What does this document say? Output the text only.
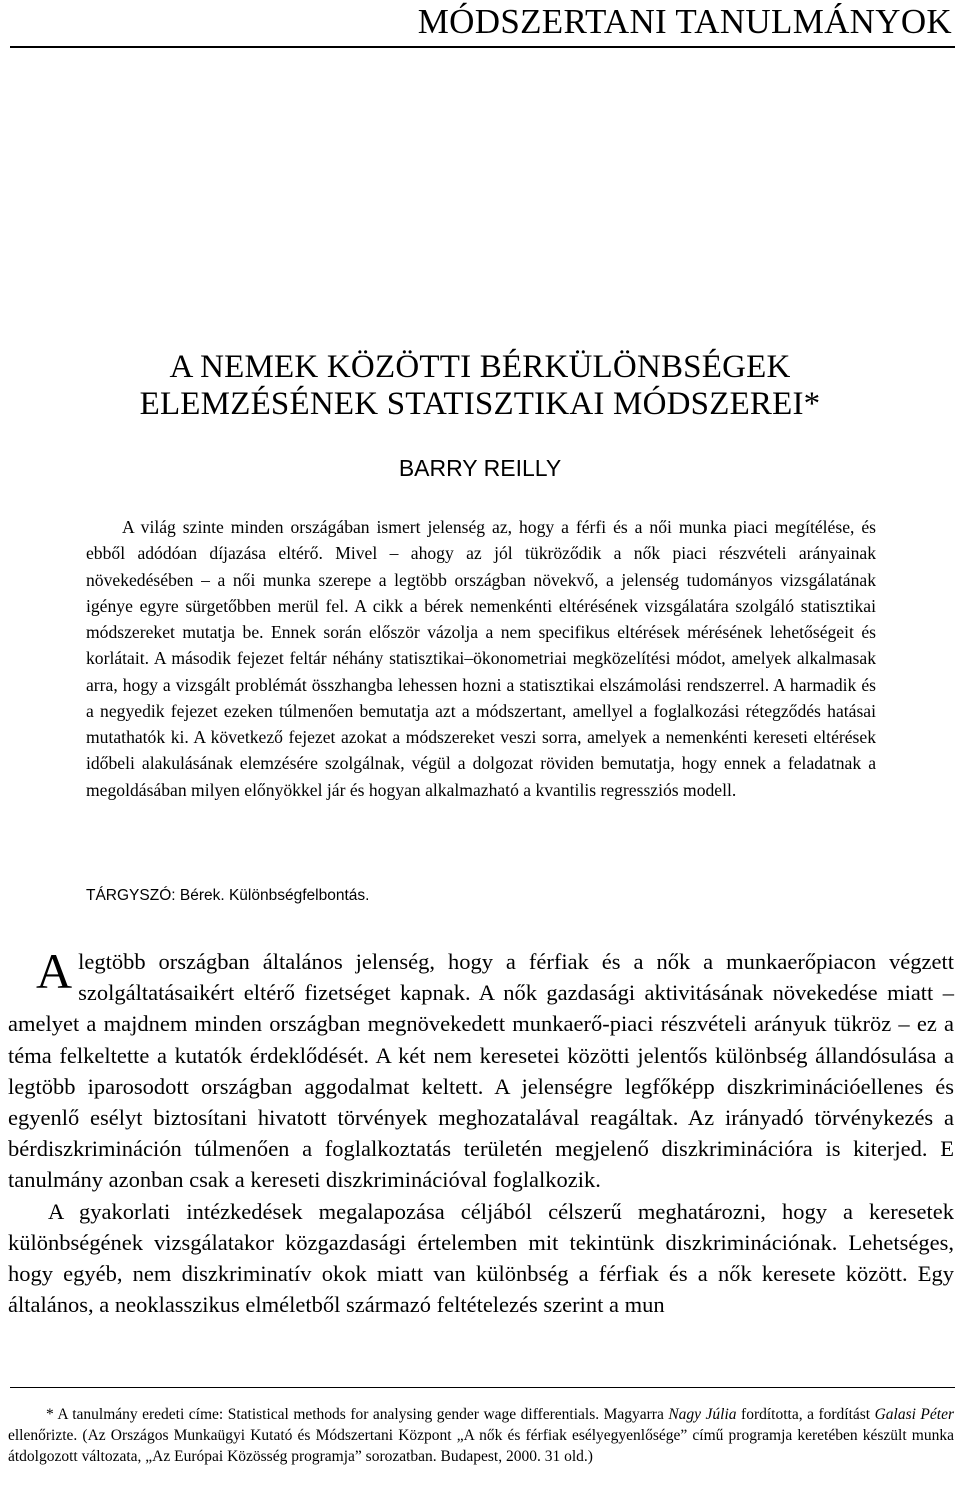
MÓDSZERTANI TANULMÁNYOK
A NEMEK KÖZÖTTI BÉRKÜLÖNBSÉGEK
ELEMZÉSÉNEK STATISZTIKAI MÓDSZEREI*
BARRY REILLY
A világ szinte minden országában ismert jelenség az, hogy a férfi és a női munka piaci megítélése, és ebből adódóan díjazása eltérő. Mivel – ahogy az jól tükröződik a nők piaci részvételi arányainak növekedésében – a női munka szerepe a legtöbb országban növekvő, a jelenség tudományos vizsgálatának igénye egyre sürgetőbben merül fel. A cikk a bérek nemenkénti eltérésének vizsgálatára szolgáló statisztikai módszereket mutatja be. Ennek során először vázolja a nem specifikus eltérések mérésének lehetőségeit és korlátait. A második fejezet feltár néhány statisztikai–ökonometriai megközelítési módot, amelyek alkalmasak arra, hogy a vizsgált problémát összhangba lehessen hozni a statisztikai elszámolási rendszerrel. A harmadik és a negyedik fejezet ezeken túlmenően bemutatja azt a módszertant, amellyel a foglalkozási rétegződés hatásai mutathatók ki. A következő fejezet azokat a módszereket veszi sorra, amelyek a nemenkénti kereseti eltérések időbeli alakulásának elemzésére szolgálnak, végül a dolgozat röviden bemutatja, hogy ennek a feladatnak a megoldásában milyen előnyökkel jár és hogyan alkalmazható a kvantilis regressziós modell.
TÁRGYSZÓ: Bérek. Különbségfelbontás.

A legtöbb országban általános jelenség, hogy a férfiak és a nők a munkaerőpiacon végzett szolgáltatásaikért eltérő fizetséget kapnak. A nők gazdasági aktivitásának növekedése miatt – amelyet a majdnem minden országban megnövekedett munkaerő-piaci részvételi arányuk tükröz – ez a téma felkeltette a kutatók érdeklődését. A két nem keresetei közötti jelentős különbség állandósulása a legtöbb iparosodott országban aggodalmat keltett. A jelenségre legfőképp diszkriminációellenes és egyenlő esélyt biztosítani hivatott törvények meghozatalával reagáltak. Az irányadó törvénykezés a bérdiszkrimináción túlmenően a foglalkoztatás területén megjelenő diszkriminációra is kiterjed. E tanulmány azonban csak a kereseti diszkriminációval foglalkozik.

A gyakorlati intézkedések megalapozása céljából célszerű meghatározni, hogy a keresetek különbségének vizsgálatakor közgazdasági értelemben mit tekintünk diszkriminációnak. Lehetséges, hogy egyéb, nem diszkriminatív okok miatt van különbség a férfiak és a nők keresete között. Egy általános, a neoklasszikus elméletből származó feltételezés szerint a mun

* A tanulmány eredeti címe: Statistical methods for analysing gender wage differentials. Magyarra Nagy Júlia fordította, a fordítást Galasi Péter ellenőrizte. (Az Országos Munkaügyi Kutató és Módszertani Központ „A nők és férfiak esélyegyenlősége” című programja keretében készült munka átdolgozott változata, „Az Európai Közösség programja” sorozatban. Budapest, 2000. 31 old.)
